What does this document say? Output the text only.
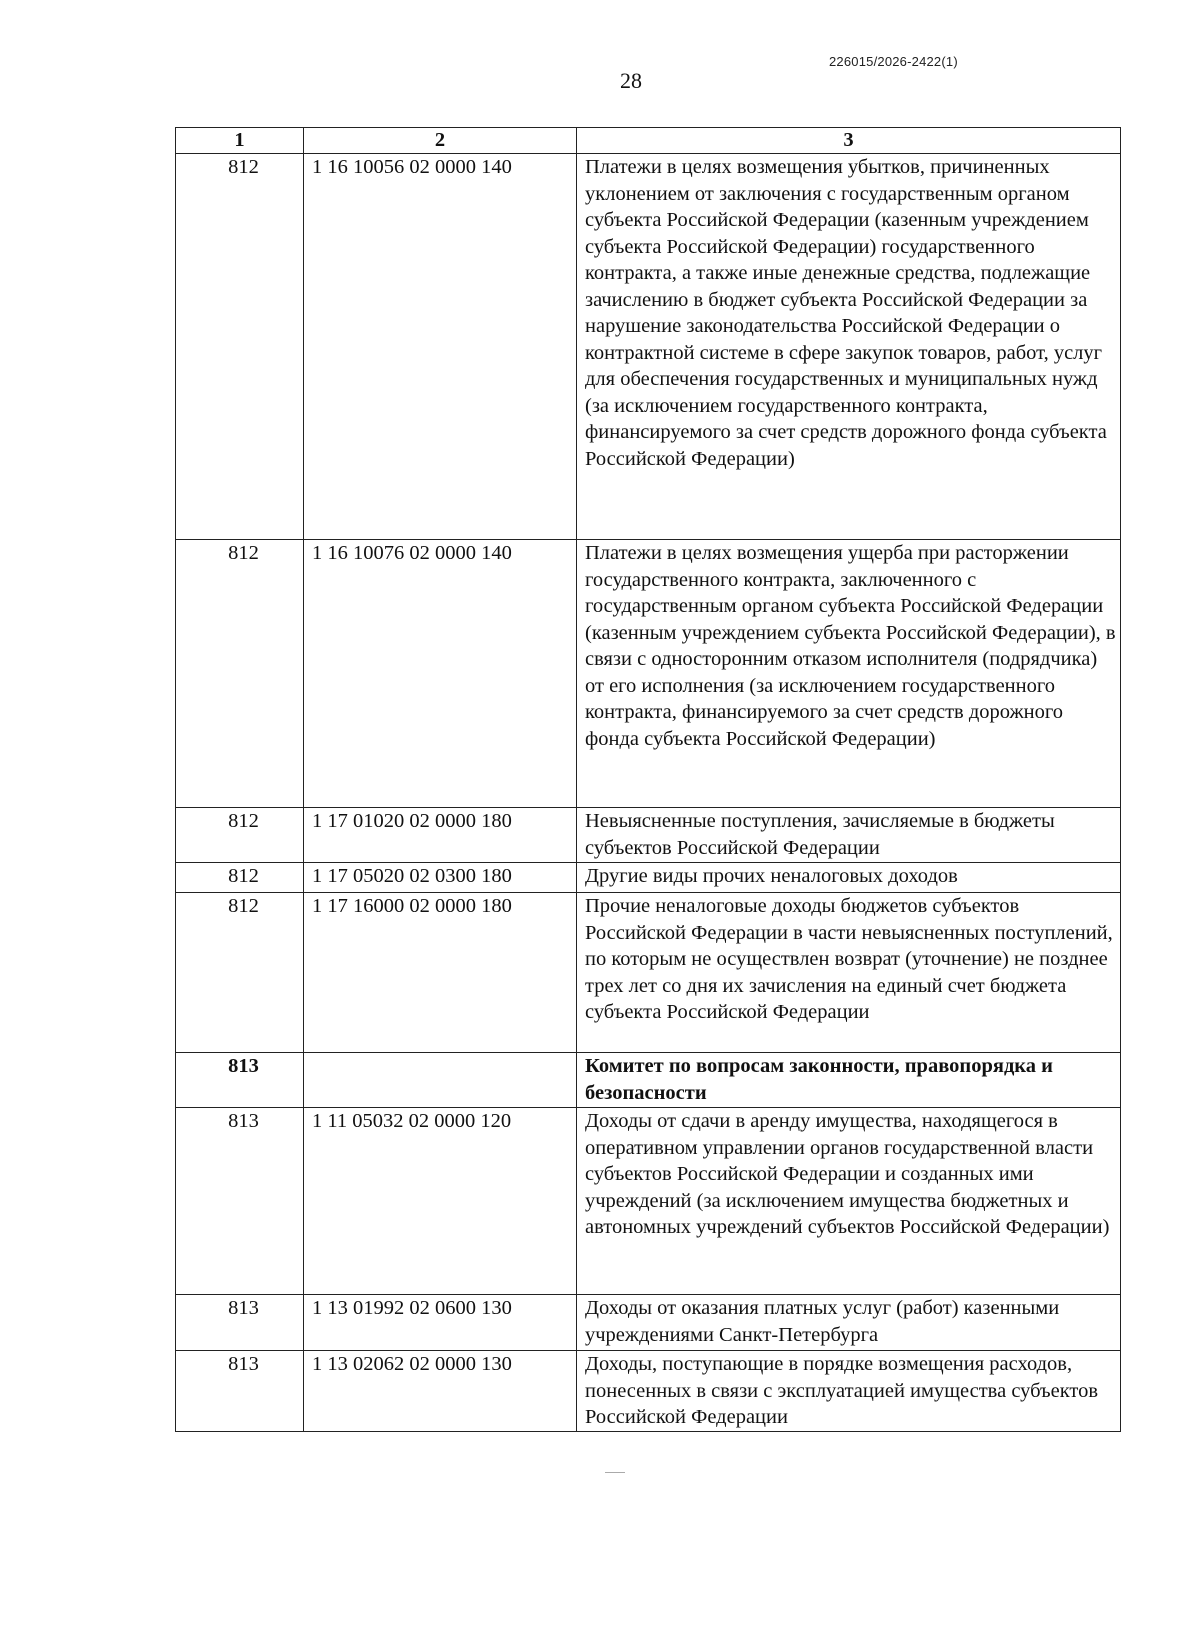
226015/2026-2422(1)
28
1	2	3
812	1 16 10056 02 0000 140	Платежи в целях возмещения убытков, причиненных уклонением от заключения с государственным органом субъекта Российской Федерации (казенным учреждением субъекта Российской Федерации) государственного контракта, а также иные денежные средства, подлежащие зачислению в бюджет субъекта Российской Федерации за нарушение законодательства Российской Федерации о контрактной системе в сфере закупок товаров, работ, услуг для обеспечения государственных и муниципальных нужд (за исключением государственного контракта, финансируемого за счет средств дорожного фонда субъекта Российской Федерации)
812	1 16 10076 02 0000 140	Платежи в целях возмещения ущерба при расторжении государственного контракта, заключенного с государственным органом субъекта Российской Федерации (казенным учреждением субъекта Российской Федерации), в связи с односторонним отказом исполнителя (подрядчика) от его исполнения (за исключением государственного контракта, финансируемого за счет средств дорожного фонда субъекта Российской Федерации)
812	1 17 01020 02 0000 180	Невыясненные поступления, зачисляемые в бюджеты субъектов Российской Федерации
812	1 17 05020 02 0300 180	Другие виды прочих неналоговых доходов
812	1 17 16000 02 0000 180	Прочие неналоговые доходы бюджетов субъектов Российской Федерации в части невыясненных поступлений, по которым не осуществлен возврат (уточнение) не позднее трех лет со дня их зачисления на единый счет бюджета субъекта Российской Федерации
813		Комитет по вопросам законности, правопорядка и безопасности
813	1 11 05032 02 0000 120	Доходы от сдачи в аренду имущества, находящегося в оперативном управлении органов государственной власти субъектов Российской Федерации и созданных ими учреждений (за исключением имущества бюджетных и автономных учреждений субъектов Российской Федерации)
813	1 13 01992 02 0600 130	Доходы от оказания платных услуг (работ) казенными учреждениями Санкт-Петербурга
813	1 13 02062 02 0000 130	Доходы, поступающие в порядке возмещения расходов, понесенных в связи с эксплуатацией имущества субъектов Российской Федерации
